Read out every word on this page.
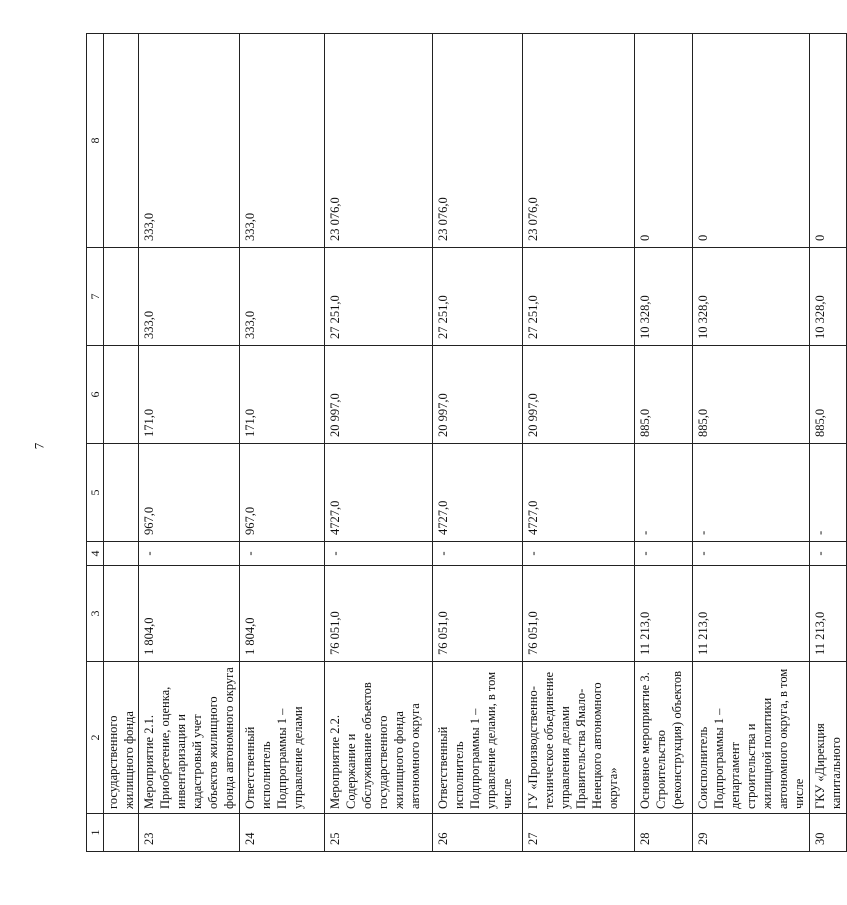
7
1	2	3	4	5	6	7	8
	государственного жилищного фонда						
23	Мероприятие 2.1. Приобретение, оценка, инвентаризация и кадастровый учет объектов жилищного фонда автономного округа	1 804,0	-	967,0	171,0	333,0	333,0
24	Ответственный исполнитель Подпрограммы 1 – управление делами	1 804,0	-	967,0	171,0	333,0	333,0
25	Мероприятие 2.2. Содержание и обслуживание объектов государственного жилищного фонда автономного округа	76 051,0	-	4727,0	20 997,0	27 251,0	23 076,0
26	Ответственный исполнитель Подпрограммы 1 – управление делами, в том числе	76 051,0	-	4727,0	20 997,0	27 251,0	23 076,0
27	ГУ «Производственно-техническое объединение управления делами Правительства Ямало-Ненецкого автономного округа»	76 051,0	-	4727,0	20 997,0	27 251,0	23 076,0
28	Основное мероприятие 3. Строительство (реконструкция) объектов	11 213,0	-	-	885,0	10 328,0	0
29	Соисполнитель Подпрограммы 1 – департамент строительства и жилищной политики автономного округа, в том числе	11 213,0	-	-	885,0	10 328,0	0
30	ГКУ «Дирекция капитального	11 213,0	-	-	885,0	10 328,0	0
